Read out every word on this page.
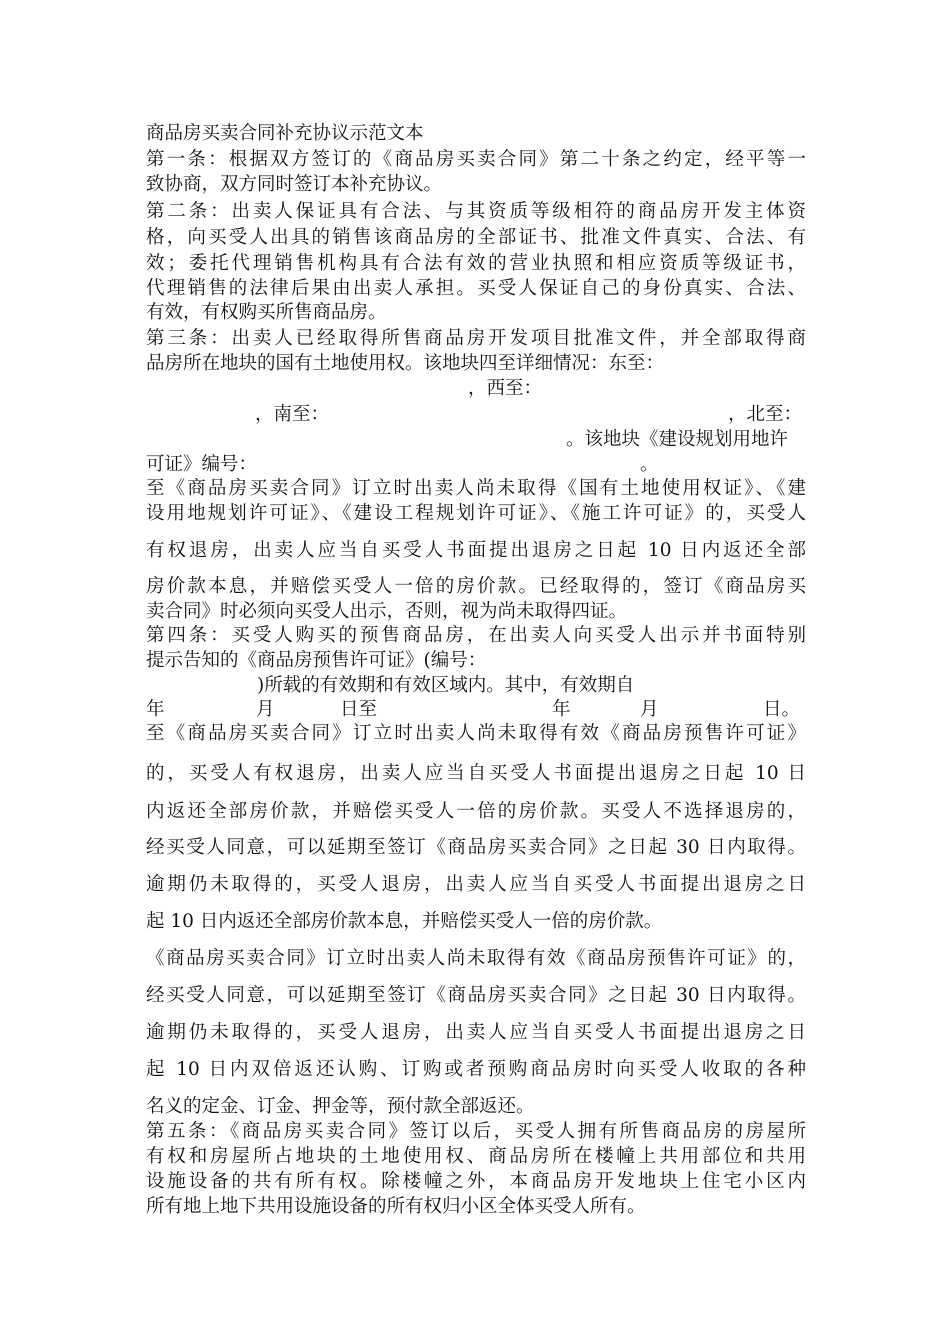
商品房买卖合同补充协议示范文本
第一条：根据双方签订的《商品房买卖合同》第二十条之约定，经平等一
致协商，双方同时签订本补充协议。
第二条：出卖人保证具有合法、与其资质等级相符的商品房开发主体资
格，向买受人出具的销售该商品房的全部证书、批准文件真实、合法、有
效；委托代理销售机构具有合法有效的营业执照和相应资质等级证书，
代理销售的法律后果由出卖人承担。买受人保证自己的身份真实、合法、
有效，有权购买所售商品房。
第三条：出卖人已经取得所售商品房开发项目批准文件，并全部取得商
品房所在地块的国有土地使用权。该地块四至详细情况：东至：
，西至：
，南至：	，北至：
。该地块《建设规划用地许
可证》编号：	。
至《商品房买卖合同》订立时出卖人尚未取得《国有土地使用权证》、《建
设用地规划许可证》、《建设工程规划许可证》、《施工许可证》的，买受人
有权退房，出卖人应当自买受人书面提出退房之日起 10 日内返还全部
房价款本息，并赔偿买受人一倍的房价款。已经取得的，签订《商品房买
卖合同》时必须向买受人出示，否则，视为尚未取得四证。
第四条：买受人购买的预售商品房，在出卖人向买受人出示并书面特别
提示告知的《商品房预售许可证》(编号：
)所载的有效期和有效区域内。其中，有效期自
年	月	日至	年	月	日。
至《商品房买卖合同》订立时出卖人尚未取得有效《商品房预售许可证》
的，买受人有权退房，出卖人应当自买受人书面提出退房之日起 10 日
内返还全部房价款，并赔偿买受人一倍的房价款。买受人不选择退房的，
经买受人同意，可以延期至签订《商品房买卖合同》之日起 30 日内取得。
逾期仍未取得的，买受人退房，出卖人应当自买受人书面提出退房之日
起 10 日内返还全部房价款本息，并赔偿买受人一倍的房价款。
《商品房买卖合同》订立时出卖人尚未取得有效《商品房预售许可证》的，
经买受人同意，可以延期至签订《商品房买卖合同》之日起 30 日内取得。
逾期仍未取得的，买受人退房，出卖人应当自买受人书面提出退房之日
起 10 日内双倍返还认购、订购或者预购商品房时向买受人收取的各种
名义的定金、订金、押金等，预付款全部返还。
第五条：《商品房买卖合同》签订以后，买受人拥有所售商品房的房屋所
有权和房屋所占地块的土地使用权、商品房所在楼幢上共用部位和共用
设施设备的共有所有权。除楼幢之外，本商品房开发地块上住宅小区内
所有地上地下共用设施设备的所有权归小区全体买受人所有。
